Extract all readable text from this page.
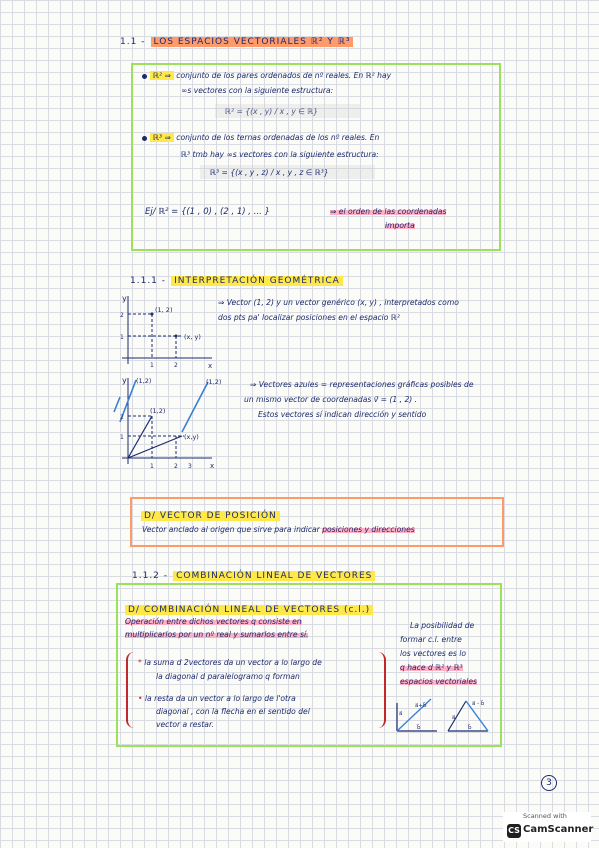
1.1 - LOS ESPACIOS VECTORIALES ℝ² Y ℝ³
ℝ² ⇒ conjunto de los pares ordenados de nº reales. En ℝ² hay
∞s vectores con la siguiente estructura:
ℝ² = {(x , y) / x , y ∈ ℝ}
ℝ³ ⇒ conjunto de los ternas ordenadas de los nº reales. En
ℝ³ tmb hay ∞s vectores con la siguiente estructura:
ℝ³ = {(x , y , z) / x , y , z ∈ ℝ³}
Ej/ ℝ² = {(1 , 0) , (2 , 1) , ... }	⇒ el orden de las coordenadas
importa
1.1.1 - INTERPRETACIÓN GEOMÉTRICA
y
x
(1, 2)
(x, y)
2
1
1	2
⇒ Vector (1, 2) y un vector genérico (x, y) , interpretados como
dos pts pa' localizar posiciones en el espacio ℝ²
y
x
(1,2)	(1,2)
(1,2)
(x,y)
2
1
1	2 3
⇒ Vectores azules = representaciones gráficas posibles de
un mismo vector de coordenadas v⃗ = (1 , 2) .
Estos vectores sí indican dirección y sentido
D/ VECTOR DE POSICIÓN
Vector anclado al origen que sirve para indicar posiciones y direcciones
1.1.2 - COMBINACIÓN LINEAL DE VECTORES
D/ COMBINACIÓN LINEAL DE VECTORES (c.l.)
Operación entre dichos vectores q consiste en
multiplicarlos por un nº real y sumarlos entre sí.
* la suma d 2vectores da un vector a lo largo de
la diagonal d paralelogramo q forman
• la resta da un vector a lo largo de l'otra
diagonal , con la flecha en el sentido del
vector a restar.
La posibilidad de
formar c.l. entre
los vectores es lo
q hace d ℝ² y ℝ³
espacios vectoriales
a⃗+b⃗
a⃗
b⃗
a⃗ - b⃗
a⃗
b⃗
3
CS
Scanned with
CamScanner
